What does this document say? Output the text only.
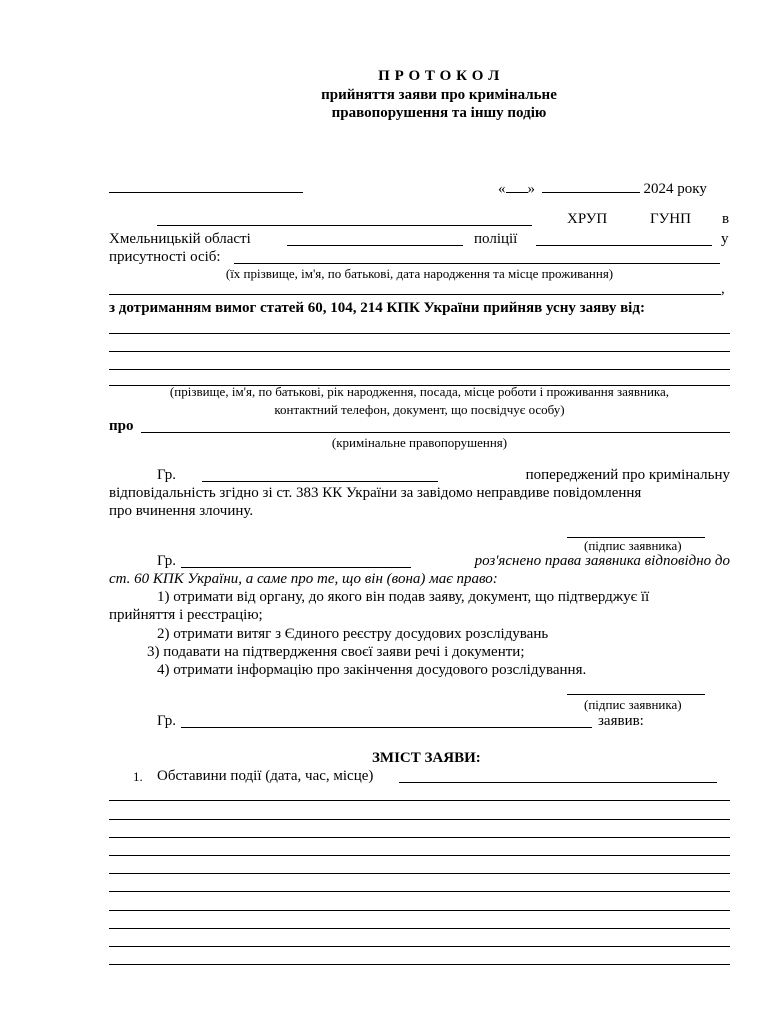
П Р О Т О К О Л
прийняття заяви про кримінальне
правопорушення та іншу подію
« »	2024 року
ХРУП	ГУНП в
Хмельницькій області	поліції	у
присутності осіб:
(їх прізвище, ім'я, по батькові, дата народження та місце проживання)
,
з дотриманням вимог статей 60, 104, 214 КПК України прийняв усну заяву від:
(прізвище, ім'я, по батькові, рік народження, посада, місце роботи і проживання заявника,
контактний телефон, документ, що посвідчує особу)
про
(кримінальне правопорушення)
Гр.	попереджений про кримінальну
відповідальність згідно зі ст. 383 КК України за завідомо неправдиве повідомлення
про вчинення злочину.
(підпис заявника)
Гр.	роз'яснено права заявника відповідно до
ст. 60 КПК України, а саме про те, що він (вона) має право:
1) отримати від органу, до якого він подав заяву, документ, що підтверджує її
прийняття і реєстрацію;
2) отримати витяг з Єдиного реєстру досудових розслідувань
3) подавати на підтвердження своєї заяви речі і документи;
4) отримати інформацію про закінчення досудового розслідування.
(підпис заявника)
Гр.	заявив:
ЗМІСТ ЗАЯВИ:
1. Обставини події (дата, час, місце)
